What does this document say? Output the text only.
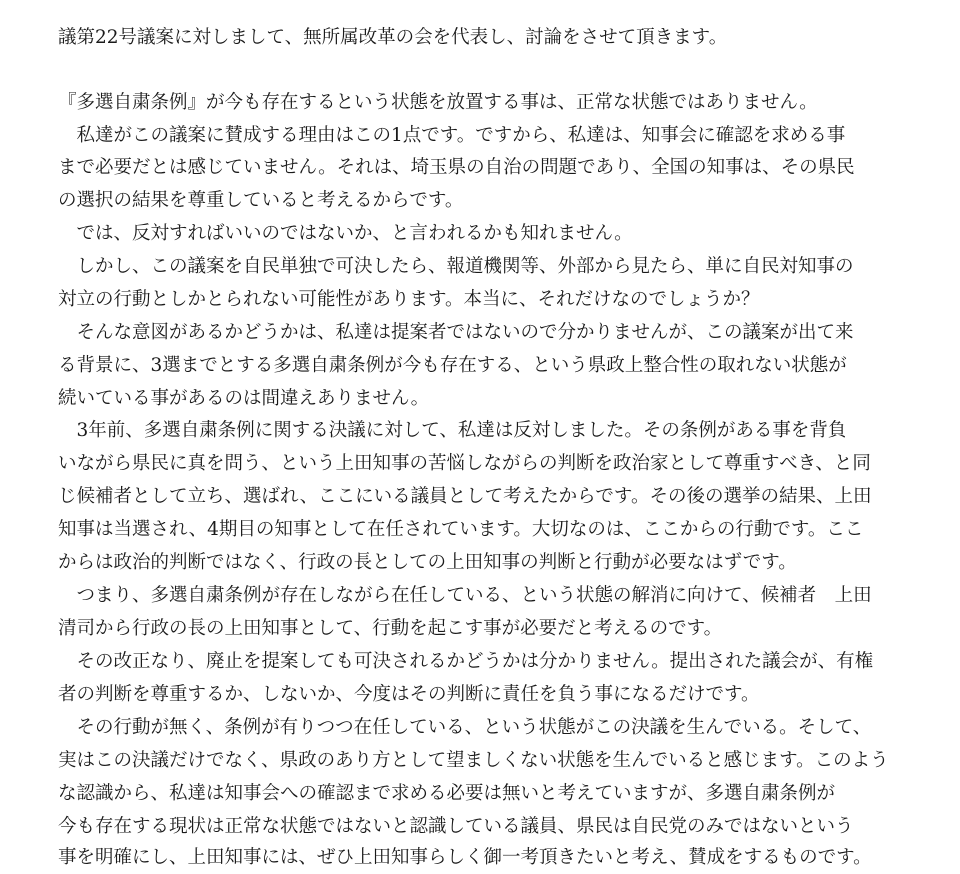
議第22号議案に対しまして、無所属改革の会を代表し、討論をさせて頂きます。
『多選自粛条例』が今も存在するという状態を放置する事は、正常な状態ではありません。
　私達がこの議案に賛成する理由はこの1点です。ですから、私達は、知事会に確認を求める事
まで必要だとは感じていません。それは、埼玉県の自治の問題であり、全国の知事は、その県民
の選択の結果を尊重していると考えるからです。
　では、反対すればいいのではないか、と言われるかも知れません。
　しかし、この議案を自民単独で可決したら、報道機関等、外部から見たら、単に自民対知事の
対立の行動としかとられない可能性があります。本当に、それだけなのでしょうか？
　そんな意図があるかどうかは、私達は提案者ではないので分かりませんが、この議案が出て来
る背景に、3選までとする多選自粛条例が今も存在する、という県政上整合性の取れない状態が
続いている事があるのは間違えありません。
　3年前、多選自粛条例に関する決議に対して、私達は反対しました。その条例がある事を背負
いながら県民に真を問う、という上田知事の苦悩しながらの判断を政治家として尊重すべき、と同
じ候補者として立ち、選ばれ、ここにいる議員として考えたからです。その後の選挙の結果、上田
知事は当選され、4期目の知事として在任されています。大切なのは、ここからの行動です。ここ
からは政治的判断ではなく、行政の長としての上田知事の判断と行動が必要なはずです。
　つまり、多選自粛条例が存在しながら在任している、という状態の解消に向けて、候補者　上田
清司から行政の長の上田知事として、行動を起こす事が必要だと考えるのです。
　その改正なり、廃止を提案しても可決されるかどうかは分かりません。提出された議会が、有権
者の判断を尊重するか、しないか、今度はその判断に責任を負う事になるだけです。
　その行動が無く、条例が有りつつ在任している、という状態がこの決議を生んでいる。そして、
実はこの決議だけでなく、県政のあり方として望ましくない状態を生んでいると感じます。このよう
な認識から、私達は知事会への確認まで求める必要は無いと考えていますが、多選自粛条例が
今も存在する現状は正常な状態ではないと認識している議員、県民は自民党のみではないという
事を明確にし、上田知事には、ぜひ上田知事らしく御一考頂きたいと考え、賛成をするものです。
